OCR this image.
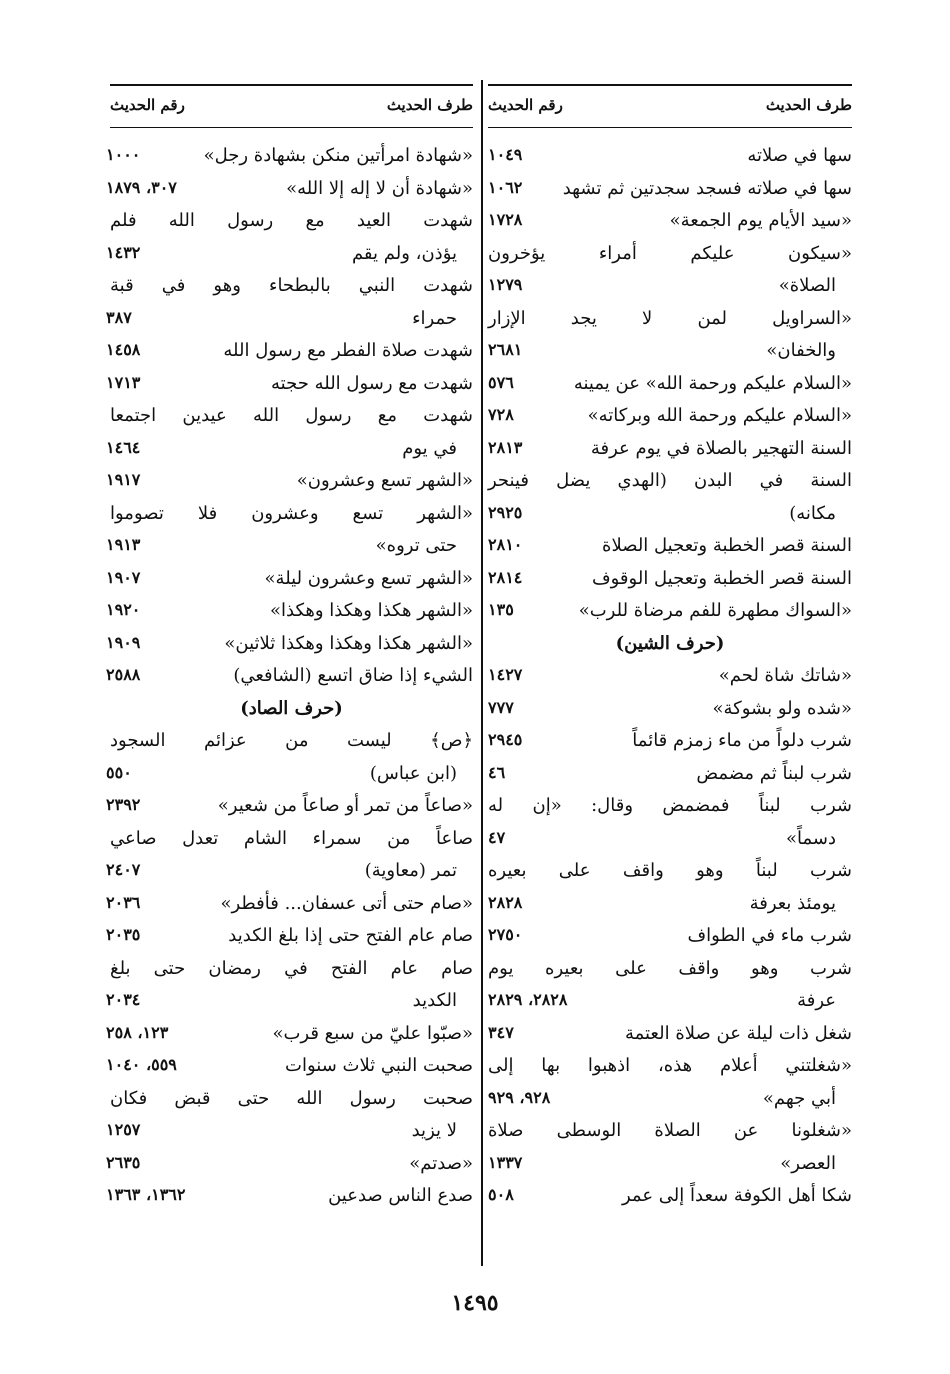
طرف الحديث
رقم الحديث
سها في صلاته
١٠٤٩
سها في صلاته فسجد سجدتين ثم تشهد
١٠٦٢
«سيد الأيام يوم الجمعة»
١٧٢٨
«سيكون عليكم أمراء يؤخرون
الصلاة»
١٢٧٩
«السراويل لمن لا يجد الإزار
والخفان»
٢٦٨١
«السلام عليكم ورحمة الله» عن يمينه
٥٧٦
«السلام عليكم ورحمة الله وبركاته»
٧٢٨
السنة التهجير بالصلاة في يوم عرفة
٢٨١٣
السنة في البدن (الهدي يضل فينحر
مكانه)
٢٩٢٥
السنة قصر الخطبة وتعجيل الصلاة
٢٨١٠
السنة قصر الخطبة وتعجيل الوقوف
٢٨١٤
«السواك مطهرة للفم مرضاة للرب»
١٣٥
(حرف الشين)
«شاتك شاة لحم»
١٤٢٧
«شده ولو بشوكة»
٧٧٧
شرب دلواً من ماء زمزم قائماً
٢٩٤٥
شرب لبناً ثم مضمض
٤٦
شرب لبناً فمضمض وقال: «إن له
دسماً»
٤٧
شرب لبناً وهو واقف على بعيره
يومئذ بعرفة
٢٨٢٨
شرب ماء في الطواف
٢٧٥٠
شرب وهو واقف على بعيره يوم
عرفة
٢٨٢٨، ٢٨٢٩
شغل ذات ليلة عن صلاة العتمة
٣٤٧
«شغلتني أعلام هذه، اذهبوا بها إلى
أبي جهم»
٩٢٨، ٩٢٩
«شغلونا عن الصلاة الوسطى صلاة
العصر»
١٣٣٧
شكا أهل الكوفة سعداً إلى عمر
٥٠٨
طرف الحديث
رقم الحديث
«شهادة امرأتين منكن بشهادة رجل»
١٠٠٠
«شهادة أن لا إله إلا الله»
٣٠٧، ١٨٧٩
شهدت العيد مع رسول الله فلم
يؤذن، ولم يقم
١٤٣٢
شهدت النبي بالبطحاء وهو في قبة
حمراء
٣٨٧
شهدت صلاة الفطر مع رسول الله
١٤٥٨
شهدت مع رسول الله حجته
١٧١٣
شهدت مع رسول الله عيدين اجتمعا
في يوم
١٤٦٤
«الشهر تسع وعشرون»
١٩١٧
«الشهر تسع وعشرون فلا تصوموا
حتى تروه»
١٩١٣
«الشهر تسع وعشرون ليلة»
١٩٠٧
«الشهر هكذا وهكذا وهكذا»
١٩٢٠
«الشهر هكذا وهكذا وهكذا ثلاثين»
١٩٠٩
الشيء إذا ضاق اتسع (الشافعي)
٢٥٨٨
(حرف الصاد)
﴿ص﴾ ليست من عزائم السجود
(ابن عباس)
٥٥٠
«صاعاً من تمر أو صاعاً من شعير»
٢٣٩٢
صاعاً من سمراء الشام تعدل صاعي
تمر (معاوية)
٢٤٠٧
«صام حتى أتى عسفان... فأفطر»
٢٠٣٦
صام عام الفتح حتى إذا بلغ الكديد
٢٠٣٥
صام عام الفتح في رمضان حتى بلغ
الكديد
٢٠٣٤
«صبّوا عليّ من سبع قرب»
١٢٣، ٢٥٨
صحبت النبي ثلاث سنوات
٥٥٩، ١٠٤٠
صحبت رسول الله حتى قبض فكان
لا يزيد
١٢٥٧
«صدتم»
٢٦٣٥
صدع الناس صدعين
١٣٦٢، ١٣٦٣
١٤٩٥
